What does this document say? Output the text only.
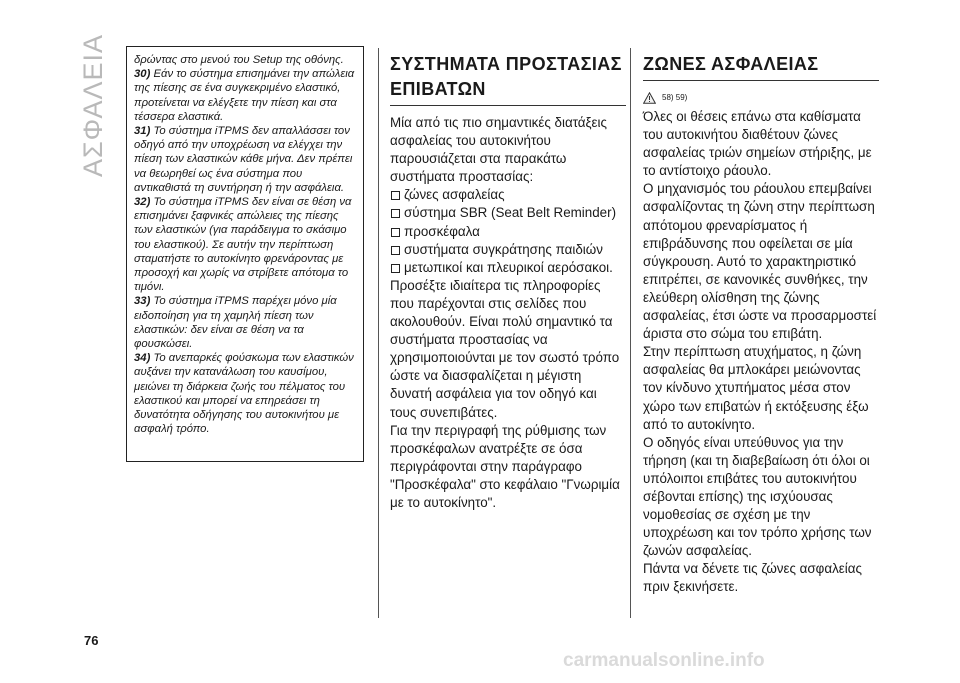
ΑΣΦΑΛΕΙΑ δρώντας στο μενού του Setup της οθόνης.

30) Εάν το σύστημα επισημάνει την απώλεια της πίεσης σε ένα συγκεκριμένο ελαστικό, προτείνεται να ελέγξετε την πίεση και στα τέσσερα ελαστικά.

31) Το σύστημα iTPMS δεν απαλλάσσει τον οδηγό από την υποχρέωση να ελέγχει την πίεση των ελαστικών κάθε μήνα. Δεν πρέπει να θεωρηθεί ως ένα σύστημα που αντικαθιστά τη συντήρηση ή την ασφάλεια.

32) Το σύστημα iTPMS δεν είναι σε θέση να επισημάνει ξαφνικές απώλειες της πίεσης των ελαστικών (για παράδειγμα το σκάσιμο του ελαστικού). Σε αυτήν την περίπτωση σταματήστε το αυτοκίνητο φρενάροντας με προσοχή και χωρίς να στρίβετε απότομα το τιμόνι.

33) Το σύστημα iTPMS παρέχει μόνο μία ειδοποίηση για τη χαμηλή πίεση των ελαστικών: δεν είναι σε θέση να τα φουσκώσει.

34) Το ανεπαρκές φούσκωμα των ελαστικών αυξάνει την κατανάλωση του καυσίμου, μειώνει τη διάρκεια ζωής του πέλματος του ελαστικού και μπορεί να επηρεάσει τη δυνατότητα οδήγησης του αυτοκινήτου με ασφαλή τρόπο.

ΣΥΣΤΗΜΑΤΑ ΠΡΟΣΤΑΣΙΑΣ ΕΠΙΒΑΤΩΝ

Μία από τις πιο σημαντικές διατάξεις ασφαλείας του αυτοκινήτου παρουσιάζεται στα παρακάτω συστήματα προστασίας:

ζώνες ασφαλείας
σύστημα SBR (Seat Belt Reminder)
προσκέφαλα
συστήματα συγκράτησης παιδιών
μετωπικοί και πλευρικοί αερόσακοι.

Προσέξτε ιδιαίτερα τις πληροφορίες που παρέχονται στις σελίδες που ακολουθούν. Είναι πολύ σημαντικό τα συστήματα προστασίας να χρησιμοποιούνται με τον σωστό τρόπο ώστε να διασφαλίζεται η μέγιστη δυνατή ασφάλεια για τον οδηγό και τους συνεπιβάτες.

Για την περιγραφή της ρύθμισης των προσκέφαλων ανατρέξτε σε όσα περιγράφονται στην παράγραφο "Προσκέφαλα" στο κεφάλαιο "Γνωριμία με το αυτοκίνητο".

ΖΩΝΕΣ ΑΣΦΑΛΕΙΑΣ
58) 59)

Όλες οι θέσεις επάνω στα καθίσματα του αυτοκινήτου διαθέτουν ζώνες ασφαλείας τριών σημείων στήριξης, με το αντίστοιχο ράουλο.

Ο μηχανισμός του ράουλου επεμβαίνει ασφαλίζοντας τη ζώνη στην περίπτωση απότομου φρεναρίσματος ή επιβράδυνσης που οφείλεται σε μία σύγκρουση. Αυτό το χαρακτηριστικό επιτρέπει, σε κανονικές συνθήκες, την ελεύθερη ολίσθηση της ζώνης ασφαλείας, έτσι ώστε να προσαρμοστεί άριστα στο σώμα του επιβάτη.

Στην περίπτωση ατυχήματος, η ζώνη ασφαλείας θα μπλοκάρει μειώνοντας τον κίνδυνο χτυπήματος μέσα στον χώρο των επιβατών ή εκτόξευσης έξω από το αυτοκίνητο.

Ο οδηγός είναι υπεύθυνος για την τήρηση (και τη διαβεβαίωση ότι όλοι οι υπόλοιποι επιβάτες του αυτοκινήτου σέβονται επίσης) της ισχύουσας νομοθεσίας σε σχέση με την υποχρέωση και τον τρόπο χρήσης των ζωνών ασφαλείας.

Πάντα να δένετε τις ζώνες ασφαλείας πριν ξεκινήσετε.

76
carmanualsonline.info
